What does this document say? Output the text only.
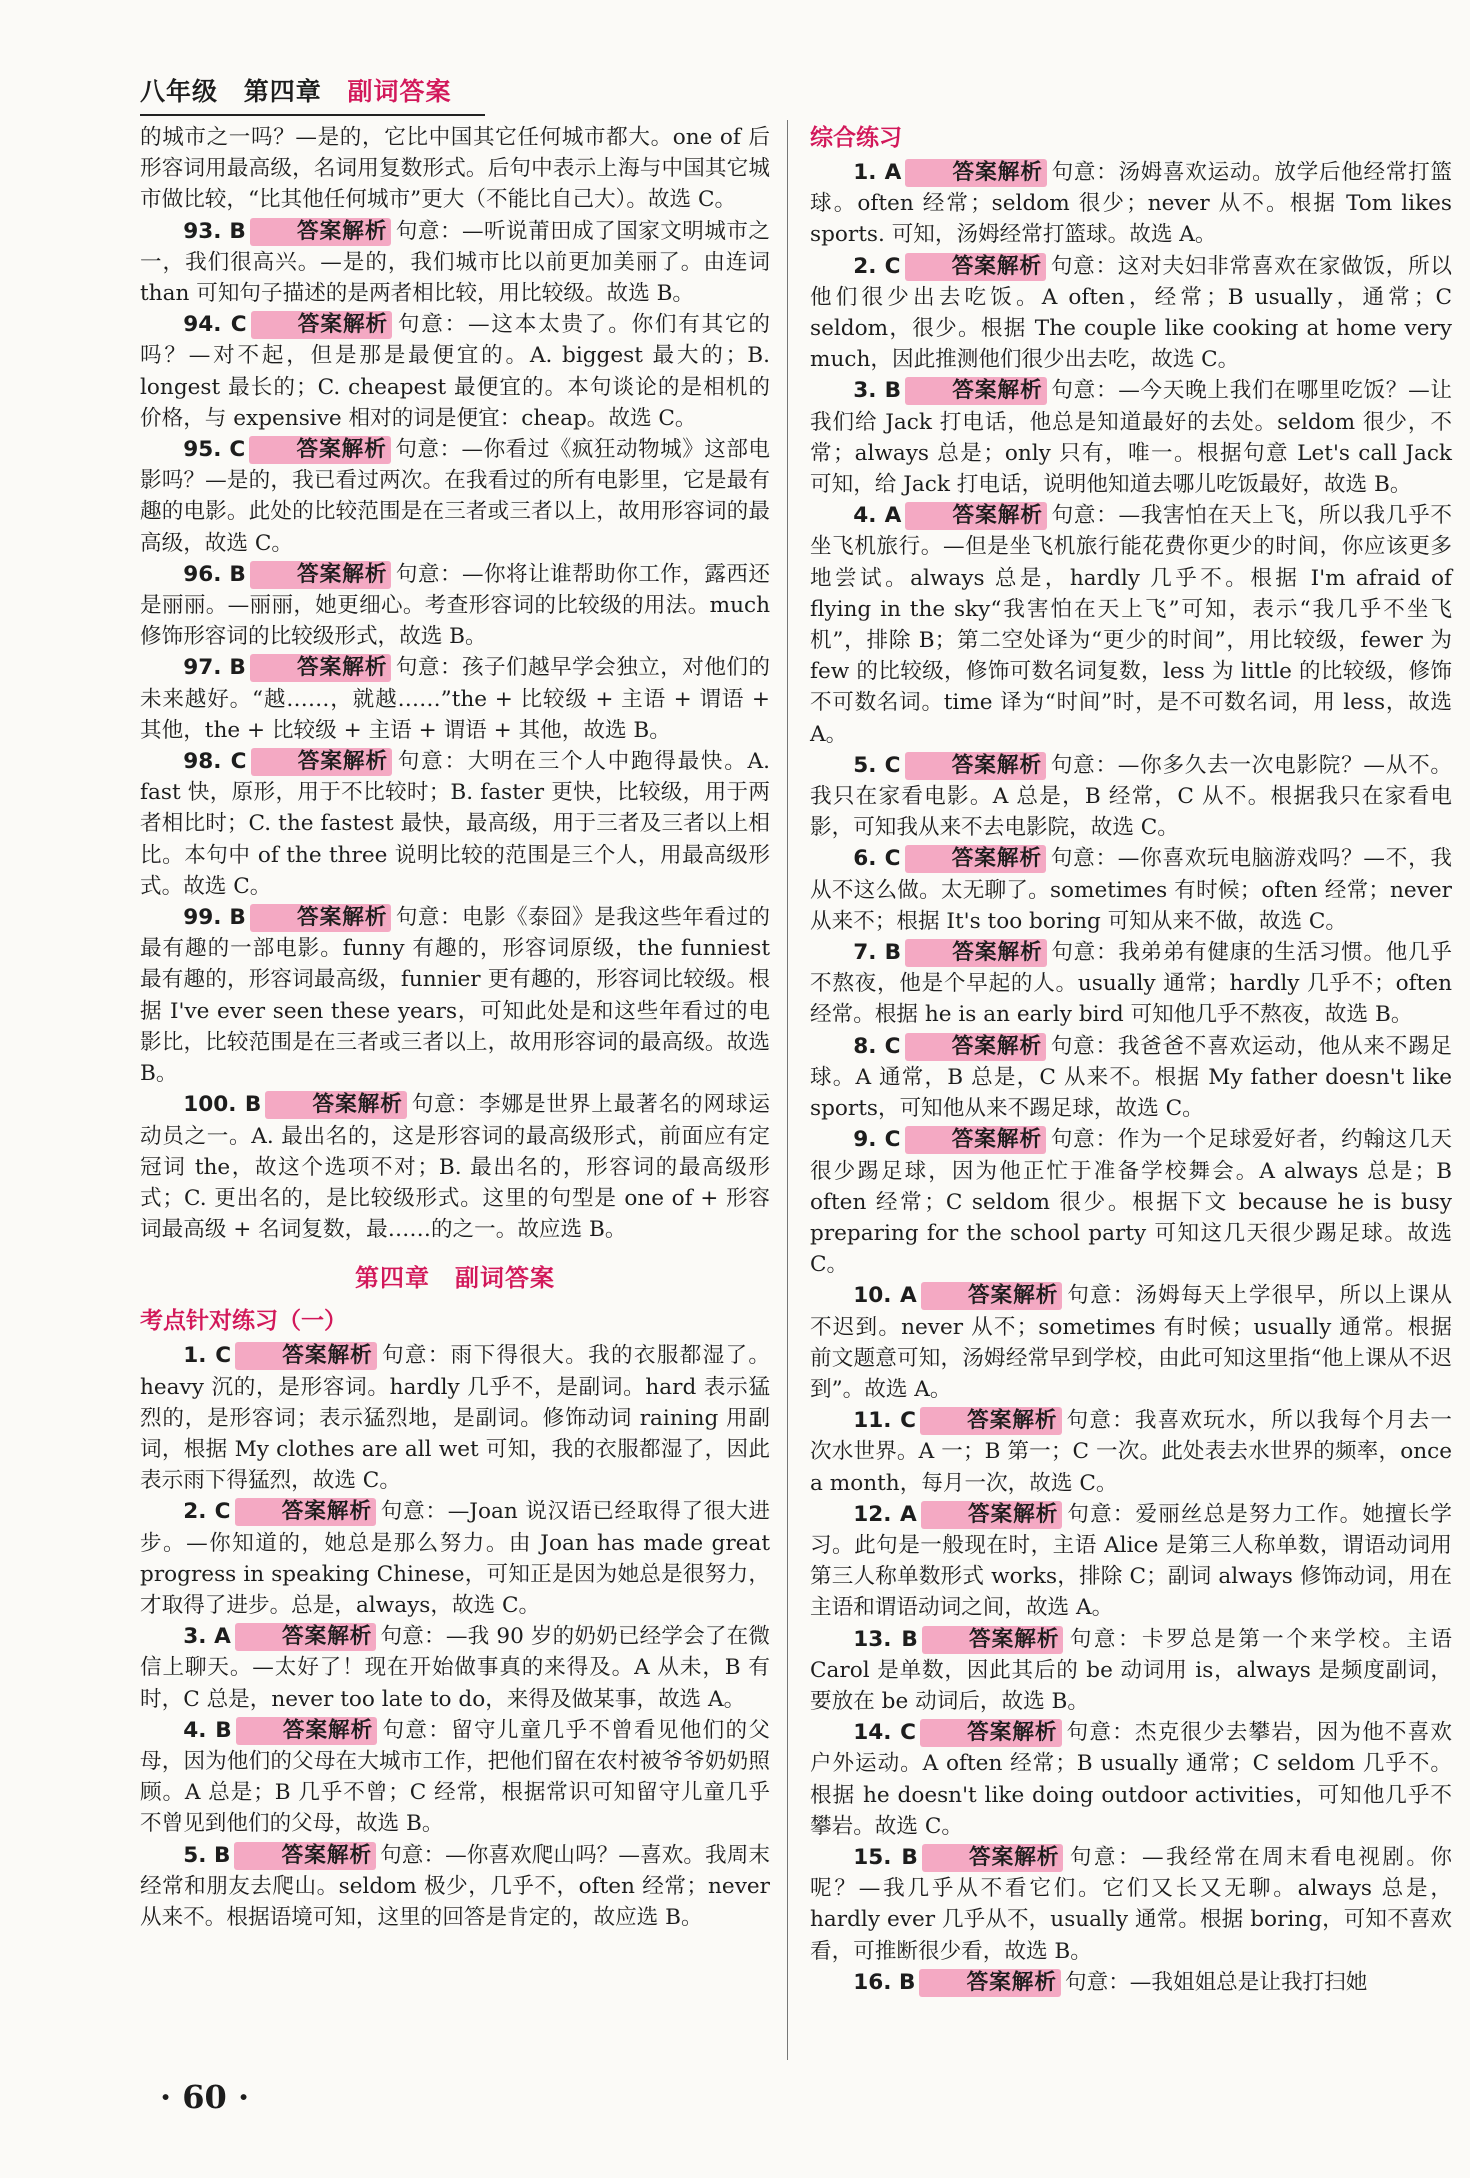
八年级 第四章 副词答案

的城市之一吗？—是的，它比中国其它任何城市都大。one of 后形容词用最高级，名词用复数形式。后句中表示上海与中国其它城市做比较，“比其他任何城市”更大（不能比自己大）。故选 C。

93. B 答案解析 句意：—听说莆田成了国家文明城市之一，我们很高兴。—是的，我们城市比以前更加美丽了。由连词 than 可知句子描述的是两者相比较，用比较级。故选 B。

94. C 答案解析 句意：—这本太贵了。你们有其它的吗？—对不起，但是那是最便宜的。A. biggest 最大的；B. longest 最长的；C. cheapest 最便宜的。本句谈论的是相机的价格，与 expensive 相对的词是便宜：cheap。故选 C。

95. C 答案解析 句意：—你看过《疯狂动物城》这部电影吗？—是的，我已看过两次。在我看过的所有电影里，它是最有趣的电影。此处的比较范围是在三者或三者以上，故用形容词的最高级，故选 C。

96. B 答案解析 句意：—你将让谁帮助你工作，露西还是丽丽。—丽丽，她更细心。考查形容词的比较级的用法。much 修饰形容词的比较级形式，故选 B。

97. B 答案解析 句意：孩子们越早学会独立，对他们的未来越好。“越……，就越……”the + 比较级 + 主语 + 谓语 + 其他，the + 比较级 + 主语 + 谓语 + 其他，故选 B。

98. C 答案解析 句意：大明在三个人中跑得最快。A. fast 快，原形，用于不比较时；B. faster 更快，比较级，用于两者相比时；C. the fastest 最快，最高级，用于三者及三者以上相比。本句中 of the three 说明比较的范围是三个人，用最高级形式。故选 C。

99. B 答案解析 句意：电影《泰囧》是我这些年看过的最有趣的一部电影。funny 有趣的，形容词原级，the funniest 最有趣的，形容词最高级，funnier 更有趣的，形容词比较级。根据 I've ever seen these years，可知此处是和这些年看过的电影比，比较范围是在三者或三者以上，故用形容词的最高级。故选 B。

100. B 答案解析 句意：李娜是世界上最著名的网球运动员之一。A. 最出名的，这是形容词的最高级形式，前面应有定冠词 the，故这个选项不对；B. 最出名的，形容词的最高级形式；C. 更出名的，是比较级形式。这里的句型是 one of + 形容词最高级 + 名词复数，最……的之一。故应选 B。

第四章　副词答案
考点针对练习（一）

1. C 答案解析 句意：雨下得很大。我的衣服都湿了。heavy 沉的，是形容词。hardly 几乎不，是副词。hard 表示猛烈的，是形容词；表示猛烈地，是副词。修饰动词 raining 用副词，根据 My clothes are all wet 可知，我的衣服都湿了，因此表示雨下得猛烈，故选 C。

2. C 答案解析 句意：—Joan 说汉语已经取得了很大进步。—你知道的，她总是那么努力。由 Joan has made great progress in speaking Chinese，可知正是因为她总是很努力，才取得了进步。总是，always，故选 C。

3. A 答案解析 句意：—我 90 岁的奶奶已经学会了在微信上聊天。—太好了！现在开始做事真的来得及。A 从未，B 有时，C 总是，never too late to do，来得及做某事，故选 A。

4. B 答案解析 句意：留守儿童几乎不曾看见他们的父母，因为他们的父母在大城市工作，把他们留在农村被爷爷奶奶照顾。A 总是；B 几乎不曾；C 经常，根据常识可知留守儿童几乎不曾见到他们的父母，故选 B。

5. B 答案解析 句意：—你喜欢爬山吗？—喜欢。我周末经常和朋友去爬山。seldom 极少，几乎不，often 经常；never 从来不。根据语境可知，这里的回答是肯定的，故应选 B。

综合练习

1. A 答案解析 句意：汤姆喜欢运动。放学后他经常打篮球。often 经常；seldom 很少；never 从不。根据 Tom likes sports. 可知，汤姆经常打篮球。故选 A。

2. C 答案解析 句意：这对夫妇非常喜欢在家做饭，所以他们很少出去吃饭。A often，经常；B usually，通常；C seldom，很少。根据 The couple like cooking at home very much，因此推测他们很少出去吃，故选 C。

3. B 答案解析 句意：—今天晚上我们在哪里吃饭？—让我们给 Jack 打电话，他总是知道最好的去处。seldom 很少，不常；always 总是；only 只有，唯一。根据句意 Let's call Jack 可知，给 Jack 打电话，说明他知道去哪儿吃饭最好，故选 B。

4. A 答案解析 句意：—我害怕在天上飞，所以我几乎不坐飞机旅行。—但是坐飞机旅行能花费你更少的时间，你应该更多地尝试。always 总是，hardly 几乎不。根据 I'm afraid of flying in the sky“我害怕在天上飞”可知，表示“我几乎不坐飞机”，排除 B；第二空处译为“更少的时间”，用比较级，fewer 为 few 的比较级，修饰可数名词复数，less 为 little 的比较级，修饰不可数名词。time 译为“时间”时，是不可数名词，用 less，故选 A。

5. C 答案解析 句意：—你多久去一次电影院？—从不。我只在家看电影。A 总是，B 经常，C 从不。根据我只在家看电影，可知我从来不去电影院，故选 C。

6. C 答案解析 句意：—你喜欢玩电脑游戏吗？—不，我从不这么做。太无聊了。sometimes 有时候；often 经常；never 从来不；根据 It's too boring 可知从来不做，故选 C。

7. B 答案解析 句意：我弟弟有健康的生活习惯。他几乎不熬夜，他是个早起的人。usually 通常；hardly 几乎不；often 经常。根据 he is an early bird 可知他几乎不熬夜，故选 B。

8. C 答案解析 句意：我爸爸不喜欢运动，他从来不踢足球。A 通常，B 总是，C 从来不。根据 My father doesn't like sports，可知他从来不踢足球，故选 C。

9. C 答案解析 句意：作为一个足球爱好者，约翰这几天很少踢足球，因为他正忙于准备学校舞会。A always 总是；B often 经常；C seldom 很少。根据下文 because he is busy preparing for the school party 可知这几天很少踢足球。故选 C。

10. A 答案解析 句意：汤姆每天上学很早，所以上课从不迟到。never 从不；sometimes 有时候；usually 通常。根据前文题意可知，汤姆经常早到学校，由此可知这里指“他上课从不迟到”。故选 A。

11. C 答案解析 句意：我喜欢玩水，所以我每个月去一次水世界。A 一；B 第一；C 一次。此处表去水世界的频率，once a month，每月一次，故选 C。

12. A 答案解析 句意：爱丽丝总是努力工作。她擅长学习。此句是一般现在时，主语 Alice 是第三人称单数，谓语动词用第三人称单数形式 works，排除 C；副词 always 修饰动词，用在主语和谓语动词之间，故选 A。

13. B 答案解析 句意：卡罗总是第一个来学校。主语 Carol 是单数，因此其后的 be 动词用 is，always 是频度副词，要放在 be 动词后，故选 B。

14. C 答案解析 句意：杰克很少去攀岩，因为他不喜欢户外运动。A often 经常；B usually 通常；C seldom 几乎不。根据 he doesn't like doing outdoor activities，可知他几乎不攀岩。故选 C。

15. B 答案解析 句意：—我经常在周末看电视剧。你呢？—我几乎从不看它们。它们又长又无聊。always 总是，hardly ever 几乎从不，usually 通常。根据 boring，可知不喜欢看，可推断很少看，故选 B。

16. B 答案解析 句意：—我姐姐总是让我打扫她

· 60 ·
